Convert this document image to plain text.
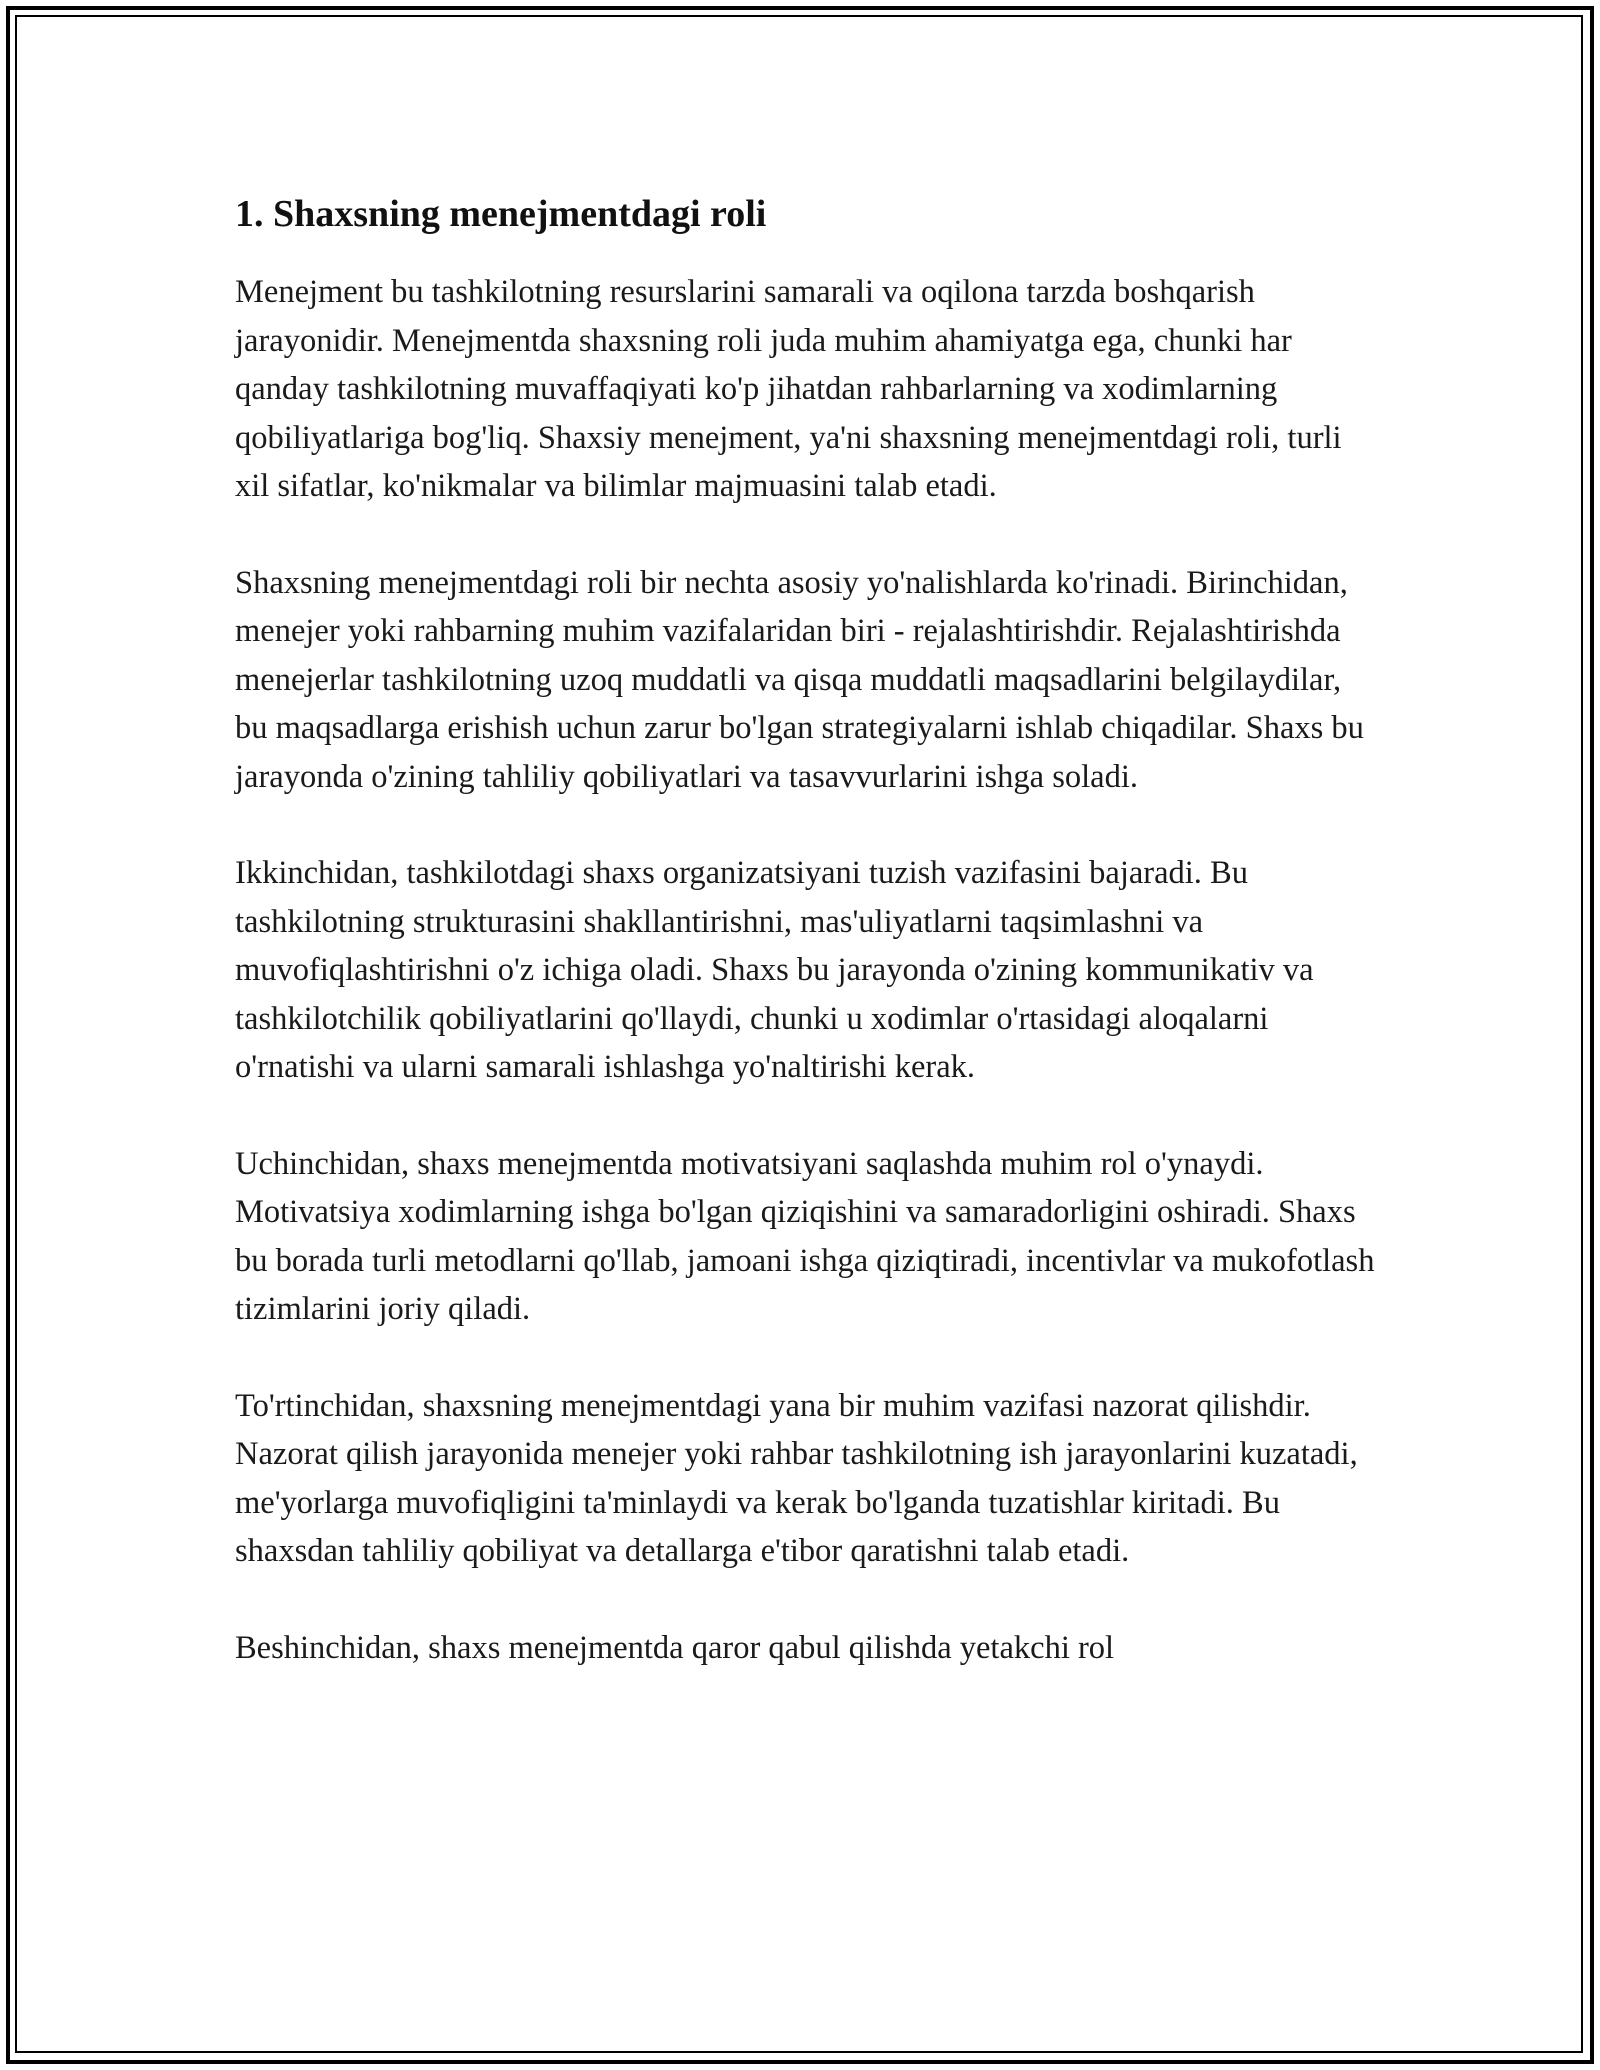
1. Shaxsning menejmentdagi roli

Menejment bu tashkilotning resurslarini samarali va oqilona tarzda boshqarish jarayonidir. Menejmentda shaxsning roli juda muhim ahamiyatga ega, chunki har qanday tashkilotning muvaffaqiyati ko'p jihatdan rahbarlarning va xodimlarning qobiliyatlariga bog'liq. Shaxsiy menejment, ya'ni shaxsning menejmentdagi roli, turli xil sifatlar, ko'nikmalar va bilimlar majmuasini talab etadi.

Shaxsning menejmentdagi roli bir nechta asosiy yo'nalishlarda ko'rinadi. Birinchidan, menejer yoki rahbarning muhim vazifalaridan biri - rejalashtirishdir. Rejalashtirishda menejerlar tashkilotning uzoq muddatli va qisqa muddatli maqsadlarini belgilaydilar, bu maqsadlarga erishish uchun zarur bo'lgan strategiyalarni ishlab chiqadilar. Shaxs bu jarayonda o'zining tahliliy qobiliyatlari va tasavvurlarini ishga soladi.

Ikkinchidan, tashkilotdagi shaxs organizatsiyani tuzish vazifasini bajaradi. Bu tashkilotning strukturasini shakllantirishni, mas'uliyatlarni taqsimlashni va muvofiqlashtirishni o'z ichiga oladi. Shaxs bu jarayonda o'zining kommunikativ va tashkilotchilik qobiliyatlarini qo'llaydi, chunki u xodimlar o'rtasidagi aloqalarni o'rnatishi va ularni samarali ishlashga yo'naltirishi kerak.

Uchinchidan, shaxs menejmentda motivatsiyani saqlashda muhim rol o'ynaydi. Motivatsiya xodimlarning ishga bo'lgan qiziqishini va samaradorligini oshiradi. Shaxs bu borada turli metodlarni qo'llab, jamoani ishga qiziqtiradi, incentivlar va mukofotlash tizimlarini joriy qiladi.

To'rtinchidan, shaxsning menejmentdagi yana bir muhim vazifasi nazorat qilishdir. Nazorat qilish jarayonida menejer yoki rahbar tashkilotning ish jarayonlarini kuzatadi, me'yorlarga muvofiqligini ta'minlaydi va kerak bo'lganda tuzatishlar kiritadi. Bu shaxsdan tahliliy qobiliyat va detallarga e'tibor qaratishni talab etadi.

Beshinchidan, shaxs menejmentda qaror qabul qilishda yetakchi rol
